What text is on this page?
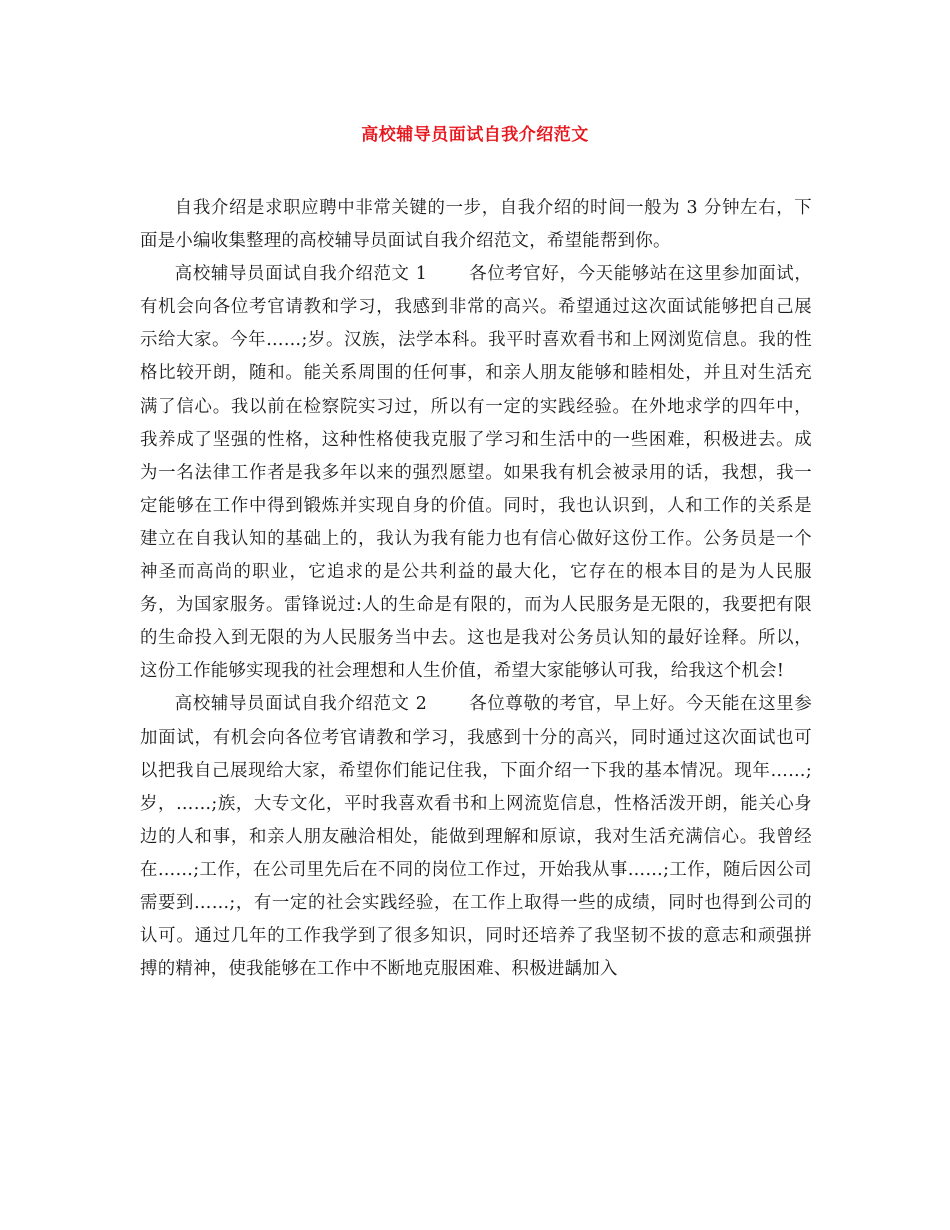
高校辅导员面试自我介绍范文

自我介绍是求职应聘中非常关键的一步，自我介绍的时间一般为 3 分钟左右，下面是小编收集整理的高校辅导员面试自我介绍范文，希望能帮到你。

高校辅导员面试自我介绍范文 1 各位考官好，今天能够站在这里参加面试，有机会向各位考官请教和学习，我感到非常的高兴。希望通过这次面试能够把自己展示给大家。今年……;岁。汉族，法学本科。我平时喜欢看书和上网浏览信息。我的性格比较开朗，随和。能关系周围的任何事，和亲人朋友能够和睦相处，并且对生活充满了信心。我以前在检察院实习过，所以有一定的实践经验。在外地求学的四年中，我养成了坚强的性格，这种性格使我克服了学习和生活中的一些困难，积极进去。成为一名法律工作者是我多年以来的强烈愿望。如果我有机会被录用的话，我想，我一定能够在工作中得到锻炼并实现自身的价值。同时，我也认识到，人和工作的关系是建立在自我认知的基础上的，我认为我有能力也有信心做好这份工作。公务员是一个神圣而高尚的职业，它追求的是公共利益的最大化，它存在的根本目的是为人民服务，为国家服务。雷锋说过:人的生命是有限的，而为人民服务是无限的，我要把有限的生命投入到无限的为人民服务当中去。这也是我对公务员认知的最好诠释。所以，这份工作能够实现我的社会理想和人生价值，希望大家能够认可我，给我这个机会!

高校辅导员面试自我介绍范文 2 各位尊敬的考官，早上好。今天能在这里参加面试，有机会向各位考官请教和学习，我感到十分的高兴，同时通过这次面试也可以把我自己展现给大家，希望你们能记住我，下面介绍一下我的基本情况。现年……;岁，……;族，大专文化，平时我喜欢看书和上网流览信息，性格活泼开朗，能关心身边的人和事，和亲人朋友融洽相处，能做到理解和原谅，我对生活充满信心。我曾经在……;工作，在公司里先后在不同的岗位工作过，开始我从事……;工作，随后因公司需要到……;，有一定的社会实践经验，在工作上取得一些的成绩，同时也得到公司的认可。通过几年的工作我学到了很多知识，同时还培养了我坚韧不拔的意志和顽强拼搏的精神，使我能够在工作中不断地克服困难、积极进龋加入
